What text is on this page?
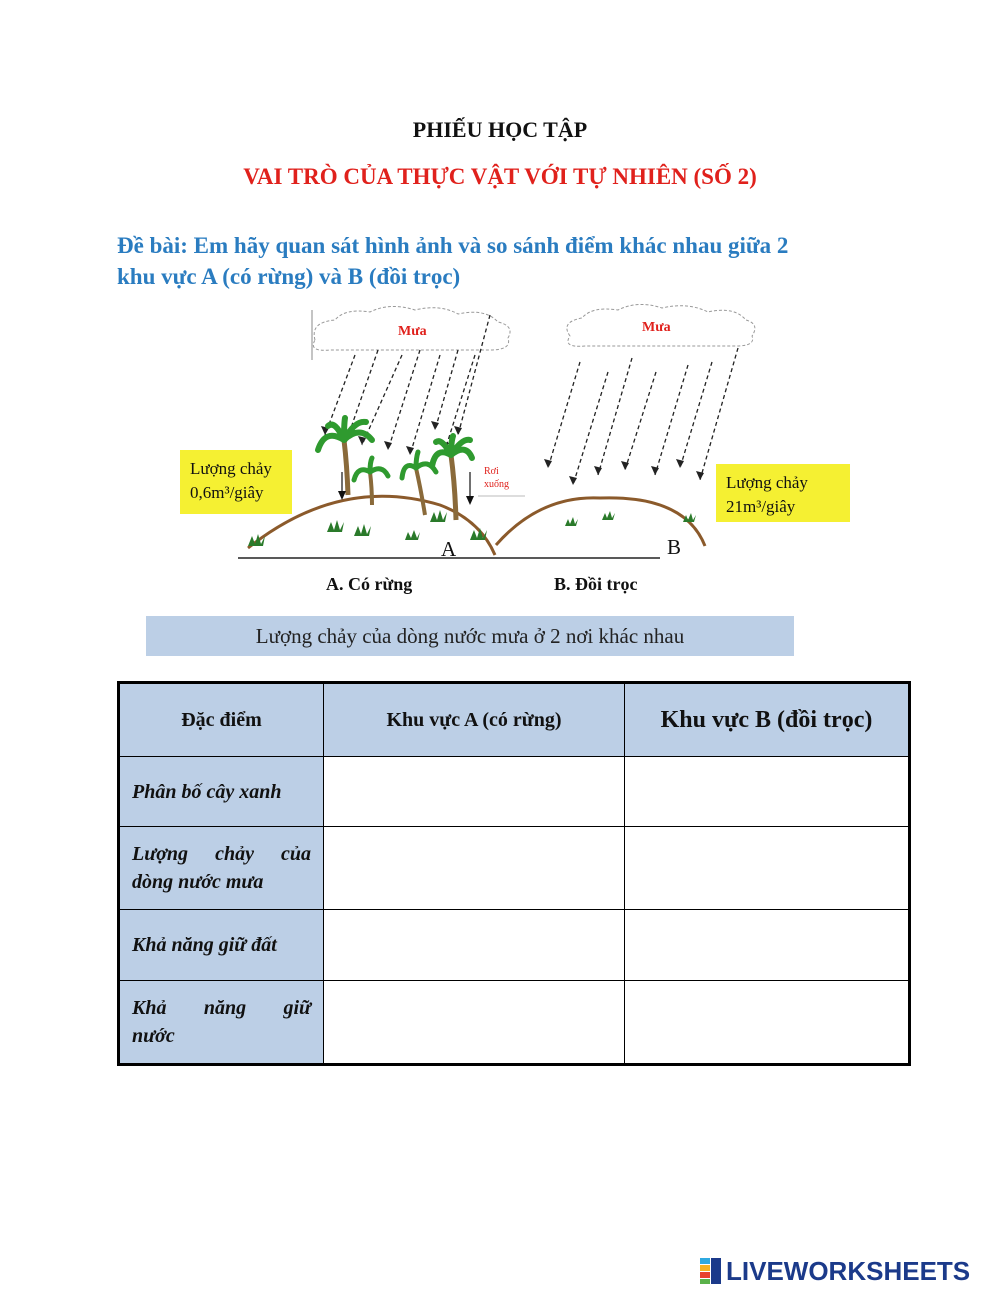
PHIẾU HỌC TẬP
VAI TRÒ CỦA THỰC VẬT VỚI TỰ NHIÊN (SỐ 2)
Đề bài: Em hãy quan sát hình ảnh và so sánh điểm khác nhau giữa 2
khu vực A (có rừng) và B (đồi trọc)
Mưa	Mưa
Rơi
xuống
Lượng chảy
0,6m³/giây
Lượng chảy
21m³/giây
A	B
A. Có rừng	B. Đồi trọc
Lượng chảy của dòng nước mưa ở 2 nơi khác nhau
Đặc điểm	Khu vực A (có rừng)	Khu vực B (đồi trọc)

Phân bố cây xanh		

Lượng chảy của
dòng nước mưa		

Khả năng giữ đất		

Khả năng giữ
nước		

LIVEWORKSHEETS
